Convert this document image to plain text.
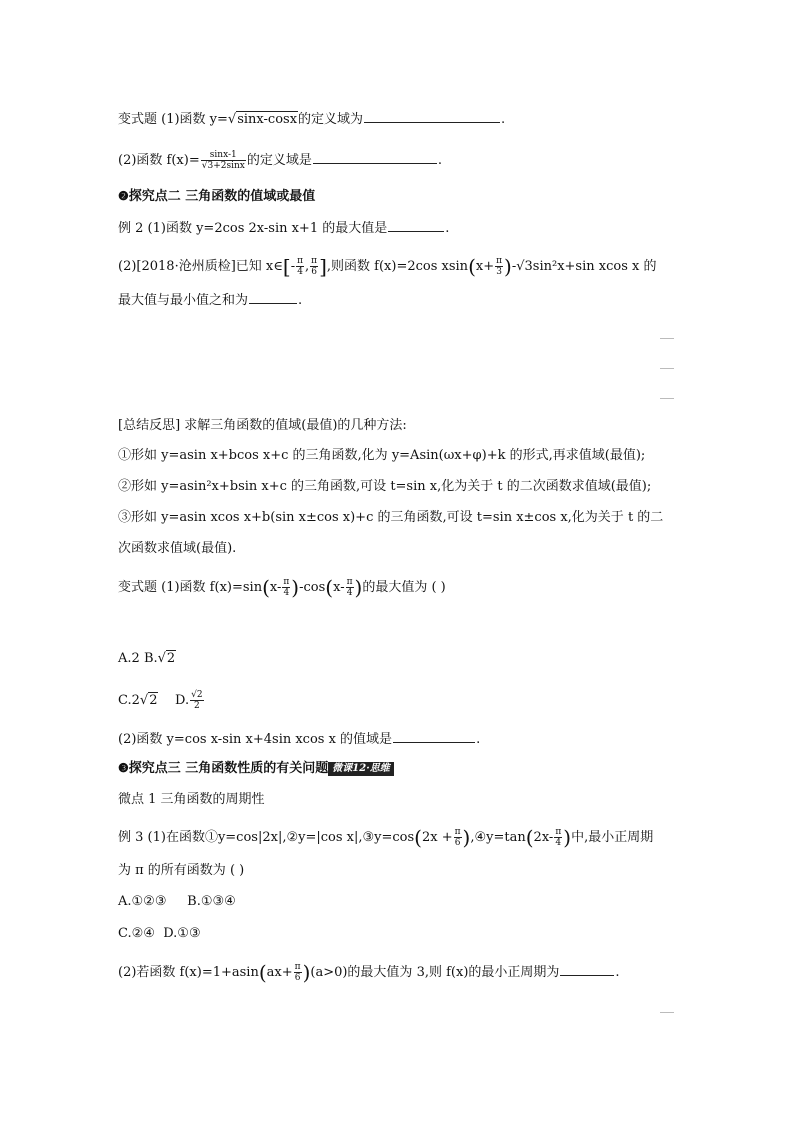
变式题 (1)函数 y=√sinx-cosx的定义域为	.
(2)函数 $f(x)= \frac{\sin x-1}{√3+2\sin x}$ 的定义域是	.
❷探究点二 三角函数的值域或最值
例 2 (1)函数 y=2cos 2x-sin x+1 的最大值是	.
(2)[2018·沧州质检]已知 x∈[- $\frac{\pi}{4}$ , $\frac{\pi}{6}$ ],则函数 f(x)=2cos $xsin(x+ \frac{\pi}{3} )-√3\sin^2x+\sin$ xcos x 的
最大值与最小值之和为	.
[总结反思] 求解三角函数的值域(最值)的几种方法:
①形如 y=asin x+bcos x+c 的三角函数,化为 y=Asin(ωx+φ)+k 的形式,再求值域(最值);
②形如 y=asin²x+bsin x+c 的三角函数,可设 t=sin x,化为关于 t 的二次函数求值域(最值);
③形如 y=asin xcos x+b(sin x±cos x)+c 的三角函数,可设 t=sin x±cos x,化为关于 t 的二
次函数求值域(最值).
变式题 (1)函数 $f(x)=\sin(x- \frac{\pi}{4} )-\cos(x- \frac{\pi}{4}$ )的最大值为 ( )
A.2 B.√2
C.2√2 D. $\frac{√2}{2}$
(2)函数 y=cos x-sin x+4sin xcos x 的值域是	.
❸探究点三 三角函数性质的有关问题 微课12·思维
微点 1 三角函数的周期性
例 3 (1)在函数①y=cos|2x|,②y=|cos x|,③y=cos(2x + $\frac{\pi}{6}$ ),④y=tan(2x- $\frac{\pi}{4}$ )中,最小正周期
为 π 的所有函数为 ( )
A.①②③ B.①③④
C.②④ D.①③
(2)若函数 $f(x)=1+asin(ax+ \frac{\pi}{6} )(a>0)$的最大值为 3,则 f(x)的最小正周期为	.
